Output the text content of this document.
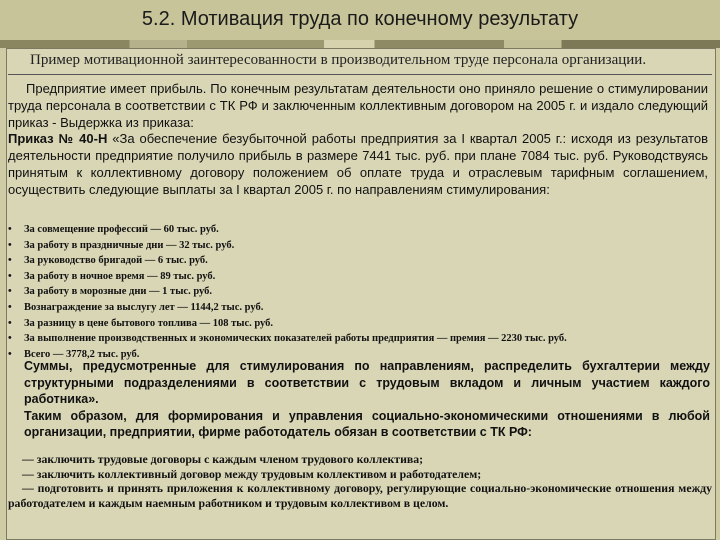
5.2. Мотивация труда по конечному результату
Пример мотивационной заинтересованности в производительном труде персонала организации.
Предприятие имеет прибыль. По конечным результатам деятельности оно приняло решение о стимулировании труда персонала в соответствии с ТК РФ и заключенным коллективным договором на 2005 г. и издало следующий приказ - Выдержка из приказа:
Приказ № 40-Н «За обеспечение безубыточной работы предприятия за I квартал 2005 г.: исходя из результатов деятельности предприятие получило прибыль в размере 7441 тыс. руб. при плане 7084 тыс. руб. Руководствуясь принятым к коллективному договору положением об оплате труда и отраслевым тарифным соглашением, осуществить следующие выплаты за I квартал 2005 г. по направлениям стимулирования:
• За совмещение профессий — 60 тыс. руб.
• За работу в праздничные дни — 32 тыс. руб.
• За руководство бригадой — 6 тыс. руб.
• За работу в ночное время — 89 тыс. руб.
• За работу в морозные дни — 1 тыс. руб.
• Вознаграждение за выслугу лет — 1144,2 тыс. руб.
• За разницу в цене бытового топлива — 108 тыс. руб.
• За выполнение производственных и экономических показателей работы предприятия — премия — 2230 тыс. руб.
• Всего — 3778,2 тыс. руб.
Суммы, предусмотренные для стимулирования по направлениям, распределить бухгалтерии между структурными подразделениями в соответствии с трудовым вкладом и личным участием каждого работника».
Таким образом, для формирования и управления социально-экономическими отношениями в любой организации, предприятии, фирме работодатель обязан в соответствии с ТК РФ:
— заключить трудовые договоры с каждым членом трудового коллектива;
— заключить коллективный договор между трудовым коллективом и работодателем;
— подготовить и принять приложения к коллективному договору, регулирующие социально-экономические отношения между работодателем и каждым наемным работником и трудовым коллективом в целом.
